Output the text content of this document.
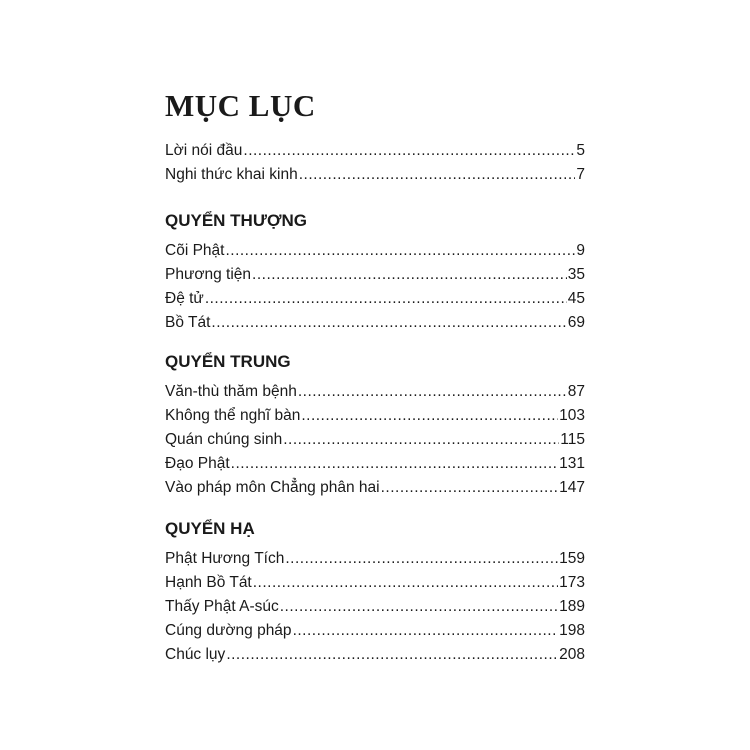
MỤC LỤC
Lời nói đầu .....	5
Nghi thức khai kinh .....	7
QUYỂN THƯỢNG
Cõi Phật .....	9
Phương tiện .....	35
Đệ tử .....	45
Bồ Tát .....	69
QUYỂN TRUNG
Văn-thù thăm bệnh .....	87
Không thể nghĩ bàn .....	103
Quán chúng sinh .....	115
Đạo Phật .....	131
Vào pháp môn Chẳng phân hai .....	147
QUYỂN HẠ
Phật Hương Tích .....	159
Hạnh Bồ Tát .....	173
Thấy Phật A-súc .....	189
Cúng dường pháp .....	198
Chúc lụy .....	208
